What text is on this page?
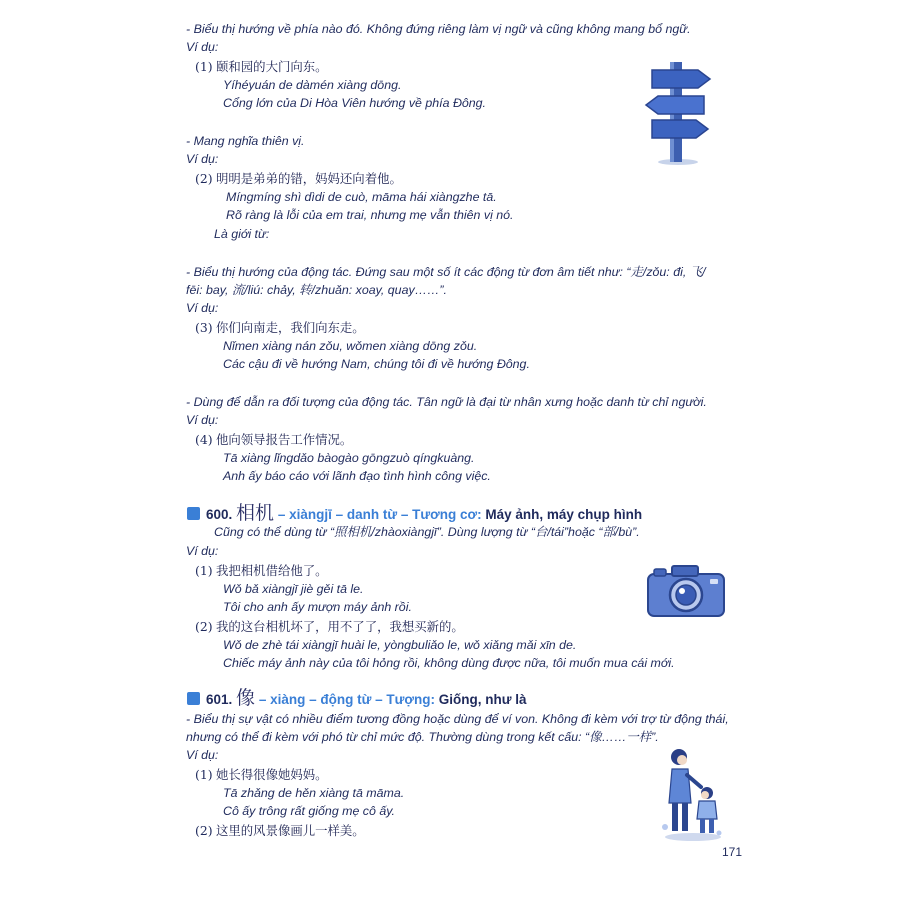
- Biểu thị hướng về phía nào đó. Không đứng riêng làm vị ngữ và cũng không mang bổ ngữ.
Ví dụ:
(1) 颐和园的大门向东。
Yíhéyuán de dàmén xiàng dōng.
Cổng lớn của Di Hòa Viên hướng về phía Đông.
- Mang nghĩa thiên vị.
Ví dụ:
(2) 明明是弟弟的错，妈妈还向着他。
Míngmíng shì dìdi de cuò, māma hái xiàngzhe tā.
Rõ ràng là lỗi của em trai, nhưng mẹ vẫn thiên vị nó.
Là giới từ:
- Biểu thị hướng của động tác. Đứng sau một số ít các động từ đơn âm tiết như: “走/zǒu: đi, 飞/
fēi: bay, 流/liú: chảy, 转/zhuǎn: xoay, quay……”.
Ví dụ:
(3) 你们向南走，我们向东走。
Nǐmen xiàng nán zǒu, wǒmen xiàng dōng zǒu.
Các cậu đi về hướng Nam, chúng tôi đi về hướng Đông.
- Dùng để dẫn ra đối tượng của động tác. Tân ngữ là đại từ nhân xưng hoặc danh từ chỉ người.
Ví dụ:
(4) 他向领导报告工作情况。
Tā xiàng lǐngdǎo bàogào gōngzuò qíngkuàng.
Anh ấy báo cáo với lãnh đạo tình hình công việc.
600. 相机 – xiàngjī – danh từ – Tương cơ: Máy ảnh, máy chụp hình
Cũng có thể dùng từ “照相机/zhàoxiàngjī”. Dùng lượng từ “台/tái”hoặc “部/bù”.
Ví dụ:
(1) 我把相机借给他了。
Wǒ bǎ xiàngjī jiè gěi tā le.
Tôi cho anh ấy mượn máy ảnh rồi.
(2) 我的这台相机坏了，用不了了，我想买新的。
Wǒ de zhè tái xiàngjī huài le, yòngbuliǎo le, wǒ xiǎng mǎi xīn de.
Chiếc máy ảnh này của tôi hỏng rồi, không dùng được nữa, tôi muốn mua cái mới.
601. 像 – xiàng – động từ – Tượng: Giống, như là
- Biểu thị sự vật có nhiều điểm tương đồng hoặc dùng để ví von. Không đi kèm với trợ từ động thái,
nhưng có thể đi kèm với phó từ chỉ mức độ. Thường dùng trong kết cấu: “像……一样”.
Ví dụ:
(1) 她长得很像她妈妈。
Tā zhǎng de hěn xiàng tā māma.
Cô ấy trông rất giống mẹ cô ấy.
(2) 这里的风景像画儿一样美。
171
